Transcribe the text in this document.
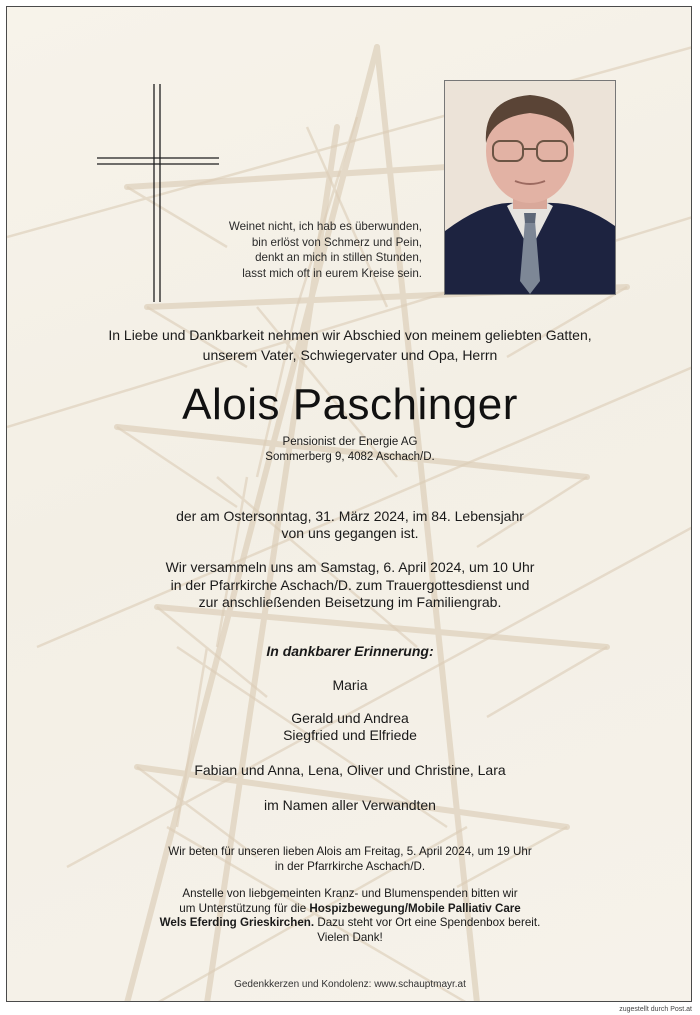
Weinet nicht, ich hab es überwunden,
bin erlöst von Schmerz und Pein,
denkt an mich in stillen Stunden,
lasst mich oft in eurem Kreise sein.
In Liebe und Dankbarkeit nehmen wir Abschied von meinem geliebten Gatten,
unserem Vater, Schwiegervater und Opa, Herrn
Alois Paschinger
Pensionist der Energie AG
Sommerberg 9, 4082 Aschach/D.
der am Ostersonntag, 31. März 2024, im 84. Lebensjahr
von uns gegangen ist.
Wir versammeln uns am Samstag, 6. April 2024, um 10 Uhr
in der Pfarrkirche Aschach/D. zum Trauergottesdienst und
zur anschließenden Beisetzung im Familiengrab.
In dankbarer Erinnerung:
Maria
Gerald und Andrea
Siegfried und Elfriede
Fabian und Anna, Lena, Oliver und Christine, Lara
im Namen aller Verwandten
Wir beten für unseren lieben Alois am Freitag, 5. April 2024, um 19 Uhr
in der Pfarrkirche Aschach/D.
Anstelle von liebgemeinten Kranz- und Blumenspenden bitten wir
um Unterstützung für die Hospizbewegung/Mobile Palliativ Care
Wels Eferding Grieskirchen. Dazu steht vor Ort eine Spendenbox bereit.
Vielen Dank!
Gedenkkerzen und Kondolenz: www.schauptmayr.at
zugestellt durch Post.at
